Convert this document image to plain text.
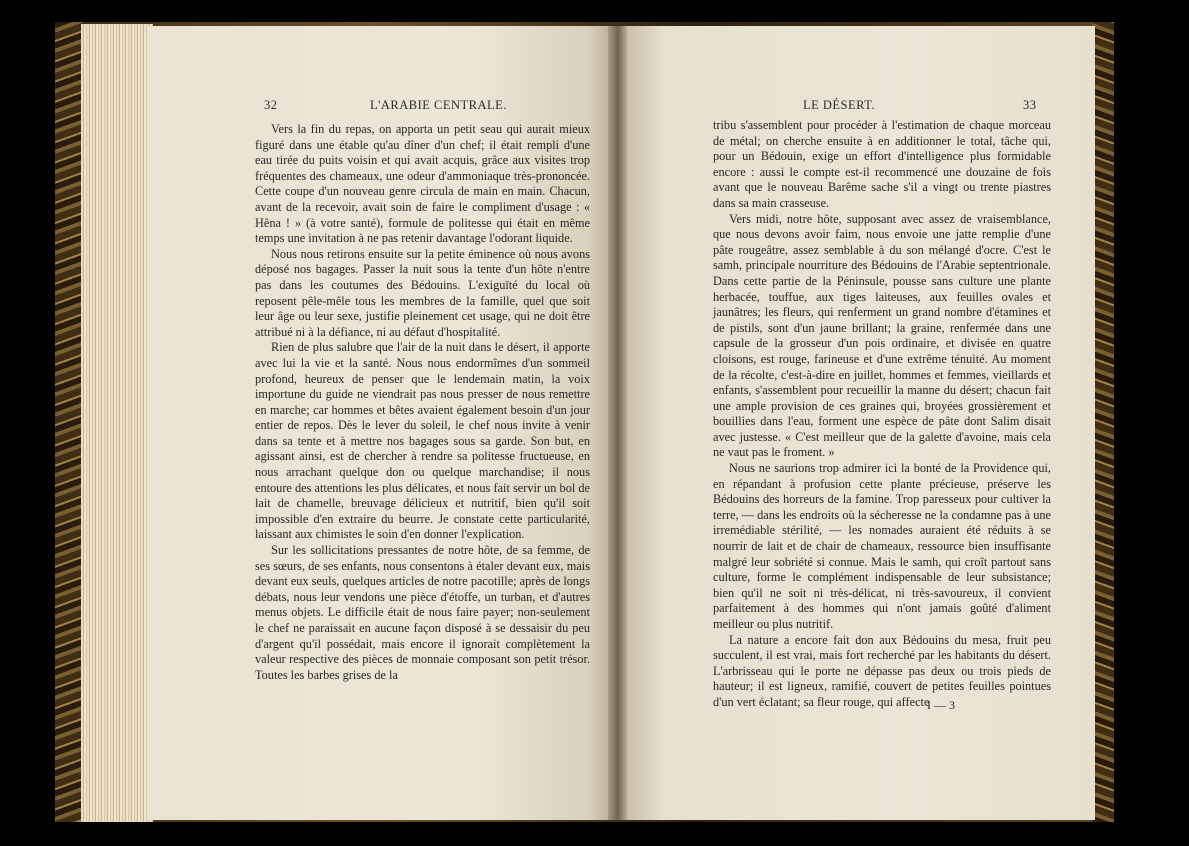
32	L'ARABIE CENTRALE.

Vers la fin du repas, on apporta un petit seau qui aurait mieux figuré dans une étable qu'au dîner d'un chef; il était rempli d'une eau tirée du puits voisin et qui avait acquis, grâce aux visites trop fréquentes des chameaux, une odeur d'ammoniaque très-prononcée. Cette coupe d'un nouveau genre circula de main en main. Chacun, avant de la recevoir, avait soin de faire le compliment d'usage : « Hêna ! » (à votre santé), formule de politesse qui était en même temps une invitation à ne pas retenir davantage l'odorant liquide.

Nous nous retirons ensuite sur la petite éminence où nous avons déposé nos bagages. Passer la nuit sous la tente d'un hôte n'entre pas dans les coutumes des Bédouins. L'exiguïté du local où reposent pêle-mêle tous les membres de la famille, quel que soit leur âge ou leur sexe, justifie pleinement cet usage, qui ne doit être attribué ni à la défiance, ni au défaut d'hospitalité.

Rien de plus salubre que l'air de la nuit dans le désert, il apporte avec lui la vie et la santé. Nous nous endormîmes d'un sommeil profond, heureux de penser que le lendemain matin, la voix importune du guide ne viendrait pas nous presser de nous remettre en marche; car hommes et bêtes avaient également besoin d'un jour entier de repos. Dès le lever du soleil, le chef nous invite à venir dans sa tente et à mettre nos bagages sous sa garde. Son but, en agissant ainsi, est de chercher à rendre sa politesse fructueuse, en nous arrachant quelque don ou quelque marchandise; il nous entoure des attentions les plus délicates, et nous fait servir un bol de lait de chamelle, breuvage délicieux et nutritif, bien qu'il soit impossible d'en extraire du beurre. Je constate cette particularité, laissant aux chimistes le soin d'en donner l'explication.

Sur les sollicitations pressantes de notre hôte, de sa femme, de ses sœurs, de ses enfants, nous consentons à étaler devant eux, mais devant eux seuls, quelques articles de notre pacotille; après de longs débats, nous leur vendons une pièce d'étoffe, un turban, et d'autres menus objets. Le difficile était de nous faire payer; non-seulement le chef ne paraissait en aucune façon disposé à se dessaisir du peu d'argent qu'il possédait, mais encore il ignorait complètement la valeur respective des pièces de monnaie composant son petit trésor. Toutes les barbes grises de la

LE DÉSERT.	33

tribu s'assemblent pour procéder à l'estimation de chaque morceau de métal; on cherche ensuite à en additionner le total, tâche qui, pour un Bédouin, exige un effort d'intelligence plus formidable encore : aussi le compte est-il recommencé une douzaine de fois avant que le nouveau Barême sache s'il a vingt ou trente piastres dans sa main crasseuse.

Vers midi, notre hôte, supposant avec assez de vraisemblance, que nous devons avoir faim, nous envoie une jatte remplie d'une pâte rougeâtre, assez semblable à du son mélangé d'ocre. C'est le samh, principale nourriture des Bédouins de l'Arabie septentrionale. Dans cette partie de la Péninsule, pousse sans culture une plante herbacée, touffue, aux tiges laiteuses, aux feuilles ovales et jaunâtres; les fleurs, qui renferment un grand nombre d'étamines et de pistils, sont d'un jaune brillant; la graine, renfermée dans une capsule de la grosseur d'un pois ordinaire, et divisée en quatre cloisons, est rouge, farineuse et d'une extrême ténuité. Au moment de la récolte, c'est-à-dire en juillet, hommes et femmes, vieillards et enfants, s'assemblent pour recueillir la manne du désert; chacun fait une ample provision de ces graines qui, broyées grossièrement et bouillies dans l'eau, forment une espèce de pâte dont Salim disait avec justesse. « C'est meilleur que de la galette d'avoine, mais cela ne vaut pas le froment. »

Nous ne saurions trop admirer ici la bonté de la Providence qui, en répandant à profusion cette plante précieuse, préserve les Bédouins des horreurs de la famine. Trop paresseux pour cultiver la terre, — dans les endroits où la sécheresse ne la condamne pas à une irremédiable stérilité, — les nomades auraient été réduits à se nourrir de lait et de chair de chameaux, ressource bien insuffisante malgré leur sobriété si connue. Mais le samh, qui croît partout sans culture, forme le complément indispensable de leur subsistance; bien qu'il ne soit ni très-délicat, ni très-savoureux, il convient parfaitement à des hommes qui n'ont jamais goûté d'aliment meilleur ou plus nutritif.

La nature a encore fait don aux Bédouins du mesa, fruit peu succulent, il est vrai, mais fort recherché par les habitants du désert. L'arbrisseau qui le porte ne dépasse pas deux ou trois pieds de hauteur; il est ligneux, ramifié, couvert de petites feuilles pointues d'un vert éclatant; sa fleur rouge, qui affecte

I — 3
